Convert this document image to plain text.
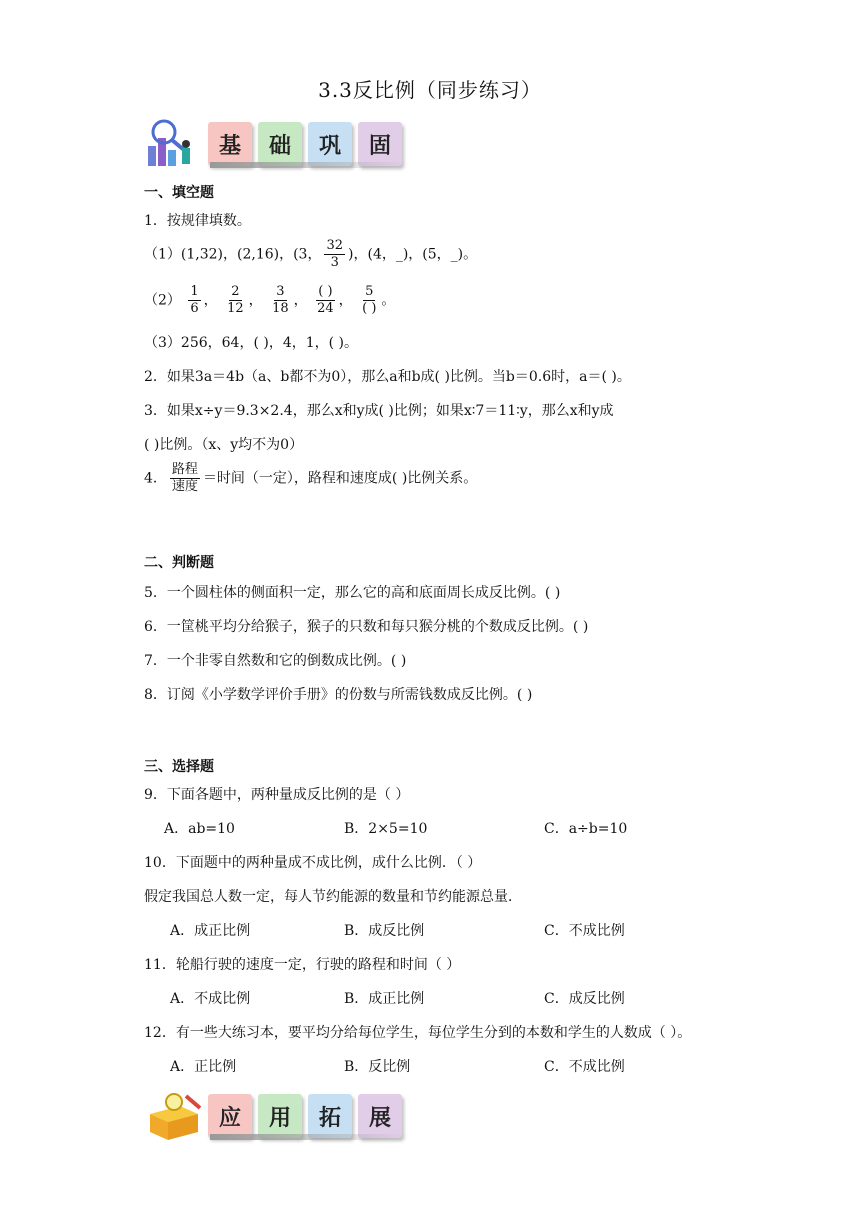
3.3反比例（同步练习）
基	础	巩	固
一、填空题
1．按规律填数。
（1）(1,32)，(2,16)，(3， $\frac{32}{3}$ )，(4，_)，(5，_)。
$(2) \frac{1}{6}$ ， $\frac{2}{12}$ ， $\frac{3}{18}$ ， $\frac{( )}{24}$ ， $\frac{5}{( )}$ 。
（3）256，64，( )，4，1，( )。
2．如果3a＝4b（a、b都不为0），那么a和b成( )比例。当b＝0.6时，a＝( )。
3．如果x÷y＝9.3×2.4，那么x和y成( )比例；如果x∶7＝11∶y，那么x和y成
( )比例。（x、y均不为0）
4． $\frac{\text{路程}}{\text{速度}}$ ＝时间（一定），路程和速度成( )比例关系。
二、判断题
5．一个圆柱体的侧面积一定，那么它的高和底面周长成反比例。( )
6．一筐桃平均分给猴子，猴子的只数和每只猴分桃的个数成反比例。( )
7．一个非零自然数和它的倒数成比例。( )
8．订阅《小学数学评价手册》的份数与所需钱数成反比例。( )
三、选择题
9．下面各题中，两种量成反比例的是（ ）
A．ab=10	B．2×5=10	C．a÷b=10
10．下面题中的两种量成不成比例，成什么比例．（ ）
假定我国总人数一定，每人节约能源的数量和节约能源总量．
A．成正比例	B．成反比例	C．不成比例
11．轮船行驶的速度一定，行驶的路程和时间（ ）
A．不成比例	B．成正比例	C．成反比例
12．有一些大练习本，要平均分给每位学生，每位学生分到的本数和学生的人数成（ ）。
A．正比例	B．反比例	C．不成比例
应	用	拓	展
